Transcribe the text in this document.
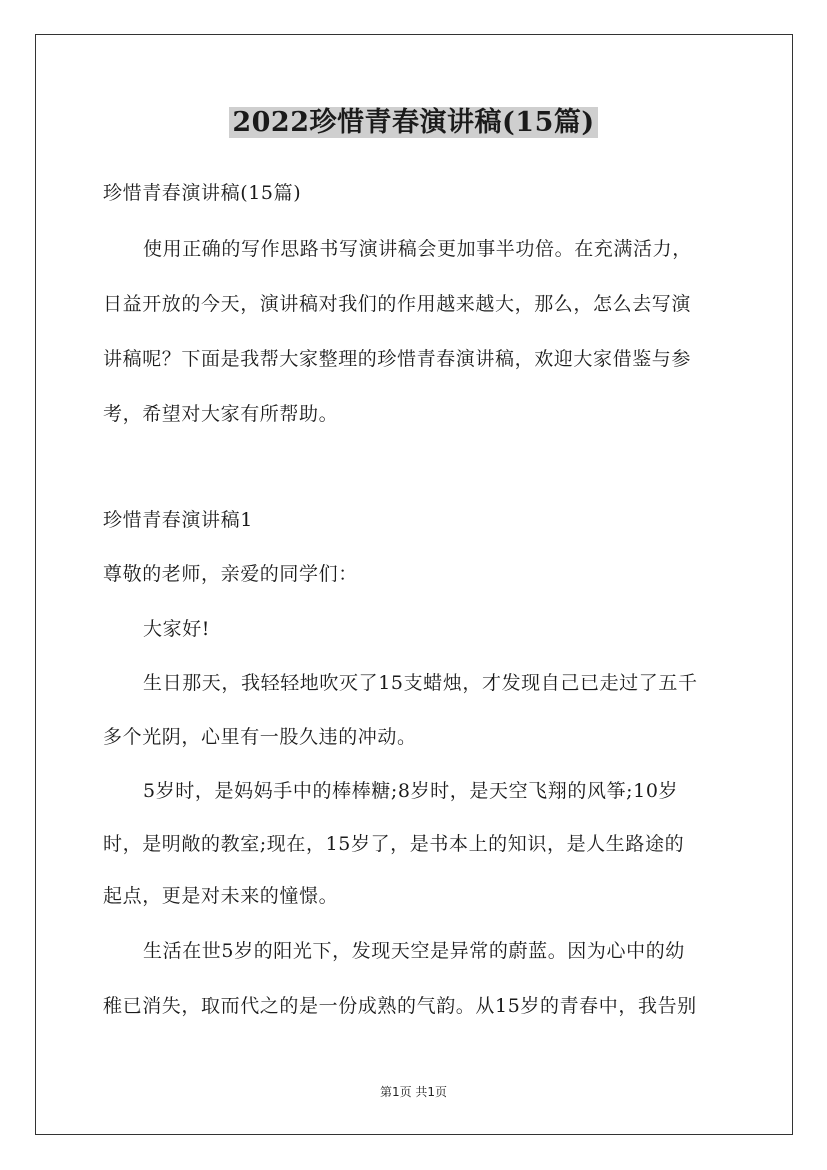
2022珍惜青春演讲稿(15篇)
珍惜青春演讲稿(15篇)
使用正确的写作思路书写演讲稿会更加事半功倍。在充满活力，
日益开放的今天，演讲稿对我们的作用越来越大，那么，怎么去写演
讲稿呢？下面是我帮大家整理的珍惜青春演讲稿，欢迎大家借鉴与参
考，希望对大家有所帮助。
珍惜青春演讲稿1
尊敬的老师，亲爱的同学们：
大家好!
生日那天，我轻轻地吹灭了15支蜡烛，才发现自己已走过了五千
多个光阴，心里有一股久违的冲动。
5岁时，是妈妈手中的棒棒糖;8岁时，是天空飞翔的风筝;10岁
时，是明敞的教室;现在，15岁了，是书本上的知识，是人生路途的
起点，更是对未来的憧憬。
生活在世5岁的阳光下，发现天空是异常的蔚蓝。因为心中的幼
稚已消失，取而代之的是一份成熟的气韵。从15岁的青春中，我告别
第1页 共1页
